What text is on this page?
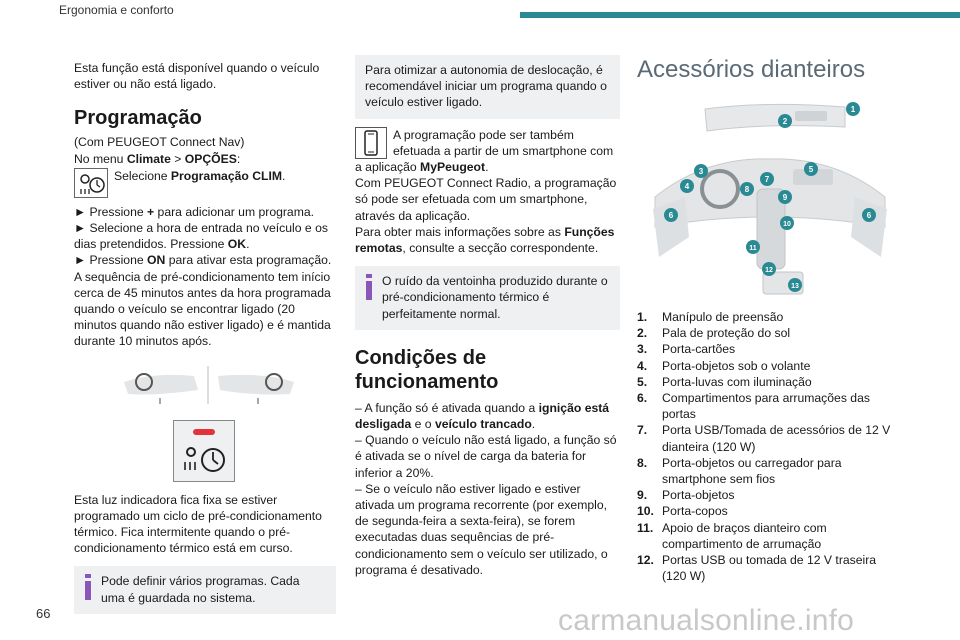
Ergonomia e conforto

Esta função está disponível quando o veículo estiver ou não está ligado.

Programação

(Com PEUGEOT Connect Nav)

No menu Climate > OPÇÕES:

Selecione Programação CLIM.

► Pressione + para adicionar um programa.

► Selecione a hora de entrada no veículo e os dias pretendidos. Pressione OK.

► Pressione ON para ativar esta programação.

A sequência de pré-condicionamento tem início cerca de 45 minutos antes da hora programada quando o veículo se encontrar ligado (20 minutos quando não estiver ligado) e é mantida durante 10 minutos após.

Esta luz indicadora fica fixa se estiver programado um ciclo de pré-condicionamento térmico. Fica intermitente quando o pré-condicionamento térmico está em curso.

Pode definir vários programas. Cada uma é guardada no sistema.

Para otimizar a autonomia de deslocação, é recomendável iniciar um programa quando o veículo estiver ligado.

A programação pode ser também efetuada a partir de um smartphone com a aplicação MyPeugeot.

Com PEUGEOT Connect Radio, a programação só pode ser efetuada com um smartphone, através da aplicação.

Para obter mais informações sobre as Funções remotas, consulte a secção correspondente.

O ruído da ventoinha produzido durante o pré-condicionamento térmico é perfeitamente normal.

Condições de funcionamento

– A função só é ativada quando a ignição está desligada e o veículo trancado.

– Quando o veículo não está ligado, a função só é ativada se o nível de carga da bateria for inferior a 20%.

– Se o veículo não estiver ligado e estiver ativada um programa recorrente (por exemplo, de segunda-feira a sexta-feira), se forem executadas duas sequências de pré-condicionamento sem o veículo ser utilizado, o programa é desativado.

Acessórios dianteiros
1
2
3
4
5
6	6
7
8
9
10
11
12
13
1.	Manípulo de preensão
2.	Pala de proteção do sol
3.	Porta-cartões
4.	Porta-objetos sob o volante
5.	Porta-luvas com iluminação
6.	Compartimentos para arrumações das portas
7.	Porta USB/Tomada de acessórios de 12 V dianteira (120 W)
8.	Porta-objetos ou carregador para smartphone sem fios
9.	Porta-objetos
10. Porta-copos
11. Apoio de braços dianteiro com compartimento de arrumação
12. Portas USB ou tomada de 12 V traseira (120 W)
66	carmanualsonline.info
